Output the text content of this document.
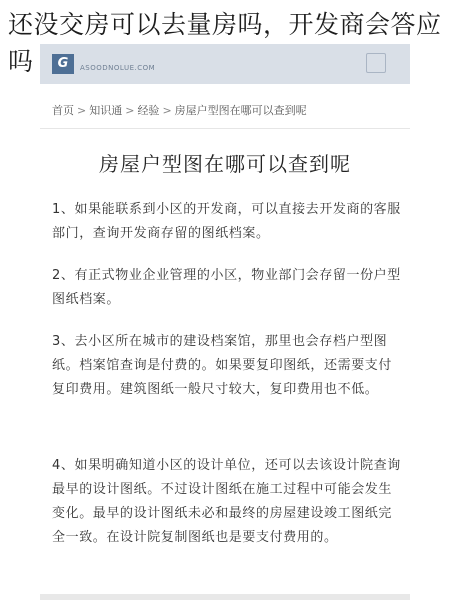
还没交房可以去量房吗，开发商会答应吗	G	ASOODNOLUE.COM
首页 > 知识通 > 经验 > 房屋户型图在哪可以查到呢
房屋户型图在哪可以查到呢
1、如果能联系到小区的开发商，可以直接去开发商的客服部门，查询开发商存留的图纸档案。
2、有正式物业企业管理的小区，物业部门会存留一份户型图纸档案。
3、去小区所在城市的建设档案馆，那里也会存档户型图纸。档案馆查询是付费的。如果要复印图纸，还需要支付复印费用。建筑图纸一般尺寸较大，复印费用也不低。
4、如果明确知道小区的设计单位，还可以去该设计院查询最早的设计图纸。不过设计图纸在施工过程中可能会发生变化。最早的设计图纸未必和最终的房屋建设竣工图纸完全一致。在设计院复制图纸也是要支付费用的。
